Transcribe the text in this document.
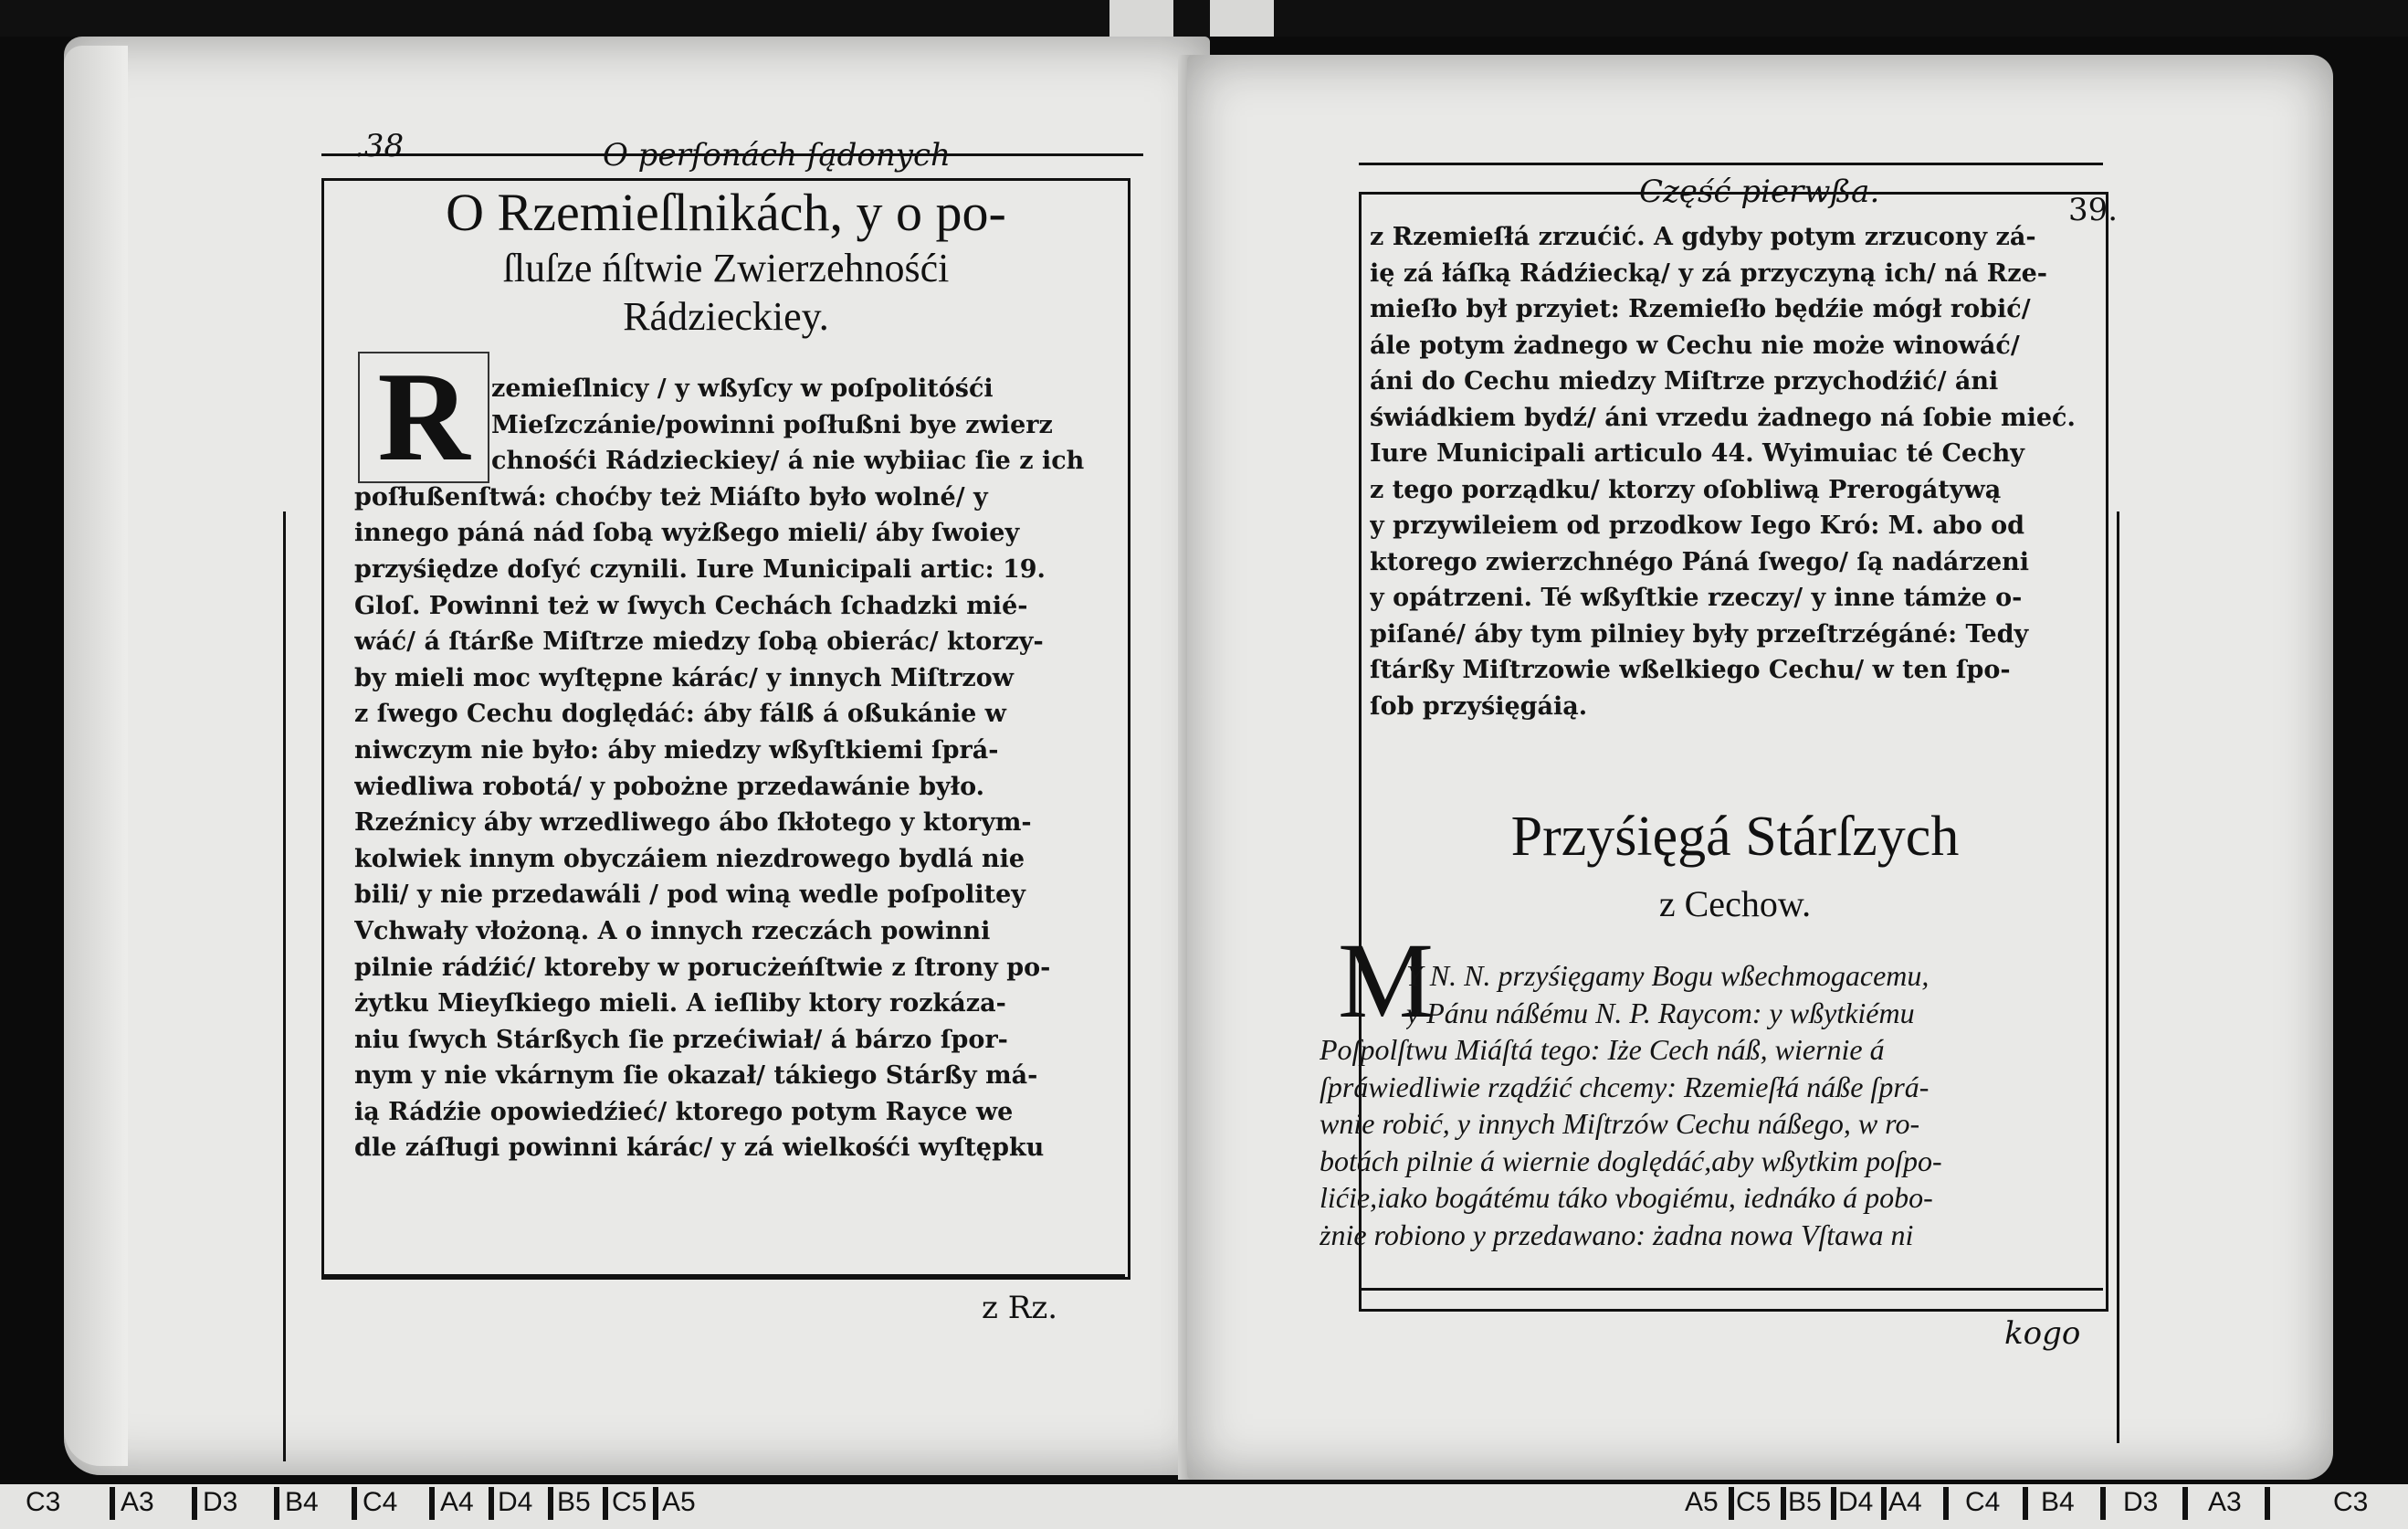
.38	O perſonách ſądonych
O Rzemieſlnikách, y o po-
ſluſze ńſtwie Zwierzehnośći
Rádzieckiey.
R zemieſlnicy / y wßyſcy w poſpolitóśći
Mieſzczánie/powinni poſłußni bye zwierz
chnośći Rádzieckiey/ á nie wybiiac ſie z ich
poſłußenſtwá: choćby też Miáſto było wolné/ y
innego páná nád ſobą wyżßego mieli/ áby ſwoiey
przyśiędze doſyć czynili. Iure Municipali artic: 19.
Gloſ. Powinni też w ſwych Cechách ſchadzki mié-
wáć/ á ſtárße Miſtrze miedzy ſobą obierác/ ktorzy-
by mieli moc wyſtępne kárác/ y innych Miſtrzow
z ſwego Cechu doględáć: áby fálß á oßukánie w
niwczym nie było: áby miedzy wßyſtkiemi ſprá-
wiedliwa robotá/ y pobożne przedawánie było.
Rzeźnicy áby wrzedliwego ábo ſkłotego y ktorym-
kolwiek innym obyczáiem niezdrowego bydlá nie
bili/ y nie przedawáli / pod winą wedle poſpolitey
Vchwały vłożoną. A o innych rzeczách powinni
pilnie rádźić/ ktoreby w porucżeńſtwie z ſtrony po-
żytku Mieyſkiego mieli. A ieſliby ktory rozkáza-
niu ſwych Stárßych ſie przećiwiał/ á bárzo ſpor-
nym y nie vkárnym ſie okazał/ tákiego Stárßy má-
ią Rádźie opowiedźieć/ ktorego potym Rayce we
dle záſługi powinni kárác/ y zá wielkośći wyſtępku
z Rz.
Część pierwßa.	39.
z Rzemieſłá zrzućić. A gdyby potym zrzucony zá-
ię zá łáſką Rádźiecką/ y zá przyczyną ich/ ná Rze-
mieſło był przyiet: Rzemieſło będźie mógł robić/
ále potym żadnego w Cechu nie może winowáć/
áni do Cechu miedzy Miſtrze przychodźić/ áni
świádkiem bydź/ áni vrzedu żadnego ná ſobie mieć.
Iure Municipali articulo 44. Wyimuiac té Cechy
z tego porządku/ ktorzy oſobliwą Prerogátywą
y przywileiem od przodkow Iego Kró: M. abo od
ktorego zwierzchnégo Páná ſwego/ ſą nadárzeni
y opátrzeni. Té wßyſtkie rzeczy/ y inne támże o-
piſané/ áby tym pilniey były przeſtrzégáné: Tedy
ſtárßy Miſtrzowie wßelkiego Cechu/ w ten ſpo-
ſob przyśięgáią.
Przyśięgá Stárſzych
z Cechow.
M
Y N. N. przyśięgamy Bogu wßechmogacemu,
y Pánu náßému N. P. Raycom: y wßytkiému
Poſpolſtwu Miáſtá tego: Iże Cech náß, wiernie á
ſpráwiedliwie rządźić chcemy: Rzemieſłá náße ſprá-
wnie robić, y innych Miſtrzów Cechu náßego, w ro-
botách pilnie á wiernie doględáć,aby wßytkim poſpo-
lićie,iako bogátému táko vbogiému, iednáko á pobo-
żnie robiono y przedawano: żadna nowa Vſtawa ni
kogo
C3 A3 D3 B4 C4 A4 D4 B5 C5 A5	A5 C5 B5 D4 A4 C4 B4 D3 A3	C3
